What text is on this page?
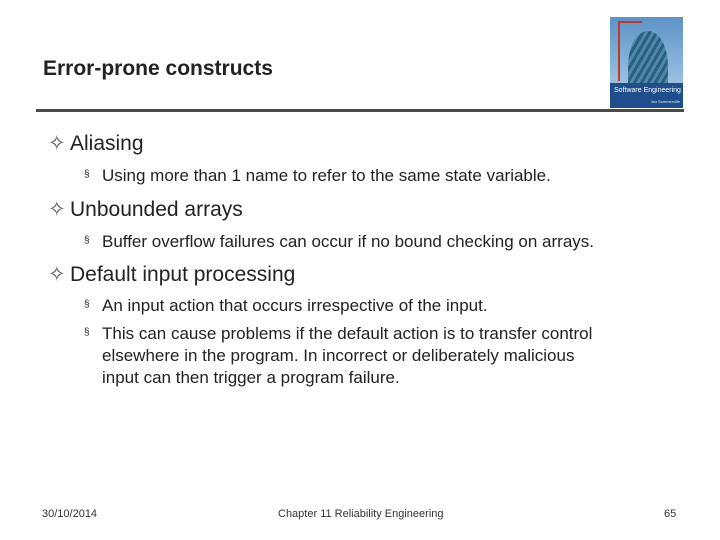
Error-prone constructs
Software Engineering
Ian Sommerville
✧ Aliasing
§ Using more than 1 name to refer to the same state variable.
✧ Unbounded arrays
§ Buffer overflow failures can occur if no bound checking on arrays.
✧ Default input processing
§ An input action that occurs irrespective of the input.
§ This can cause problems if the default action is to transfer control
elsewhere in the program. In incorrect or deliberately malicious
input can then trigger a program failure.
30/10/2014	Chapter 11 Reliability Engineering	65
